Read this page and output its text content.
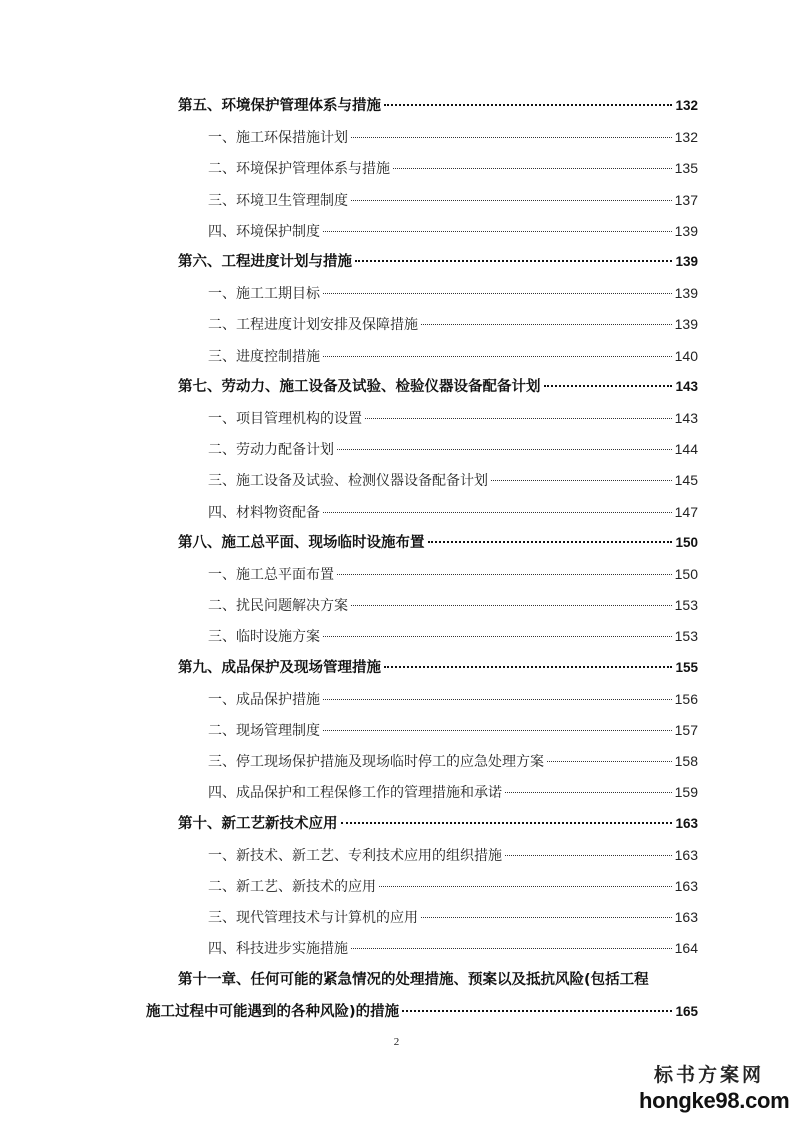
第五、环境保护管理体系与措施	132
一、施工环保措施计划	132
二、环境保护管理体系与措施	135
三、环境卫生管理制度	137
四、环境保护制度	139
第六、工程进度计划与措施	139
一、施工工期目标	139
二、工程进度计划安排及保障措施	139
三、进度控制措施	140
第七、劳动力、施工设备及试验、检验仪器设备配备计划	143
一、项目管理机构的设置	143
二、劳动力配备计划	144
三、施工设备及试验、检测仪器设备配备计划	145
四、材料物资配备	147
第八、施工总平面、现场临时设施布置	150
一、施工总平面布置	150
二、扰民问题解决方案	153
三、临时设施方案	153
第九、成品保护及现场管理措施	155
一、成品保护措施	156
二、现场管理制度	157
三、停工现场保护措施及现场临时停工的应急处理方案	158
四、成品保护和工程保修工作的管理措施和承诺	159
第十、新工艺新技术应用	163
一、新技术、新工艺、专利技术应用的组织措施	163
二、新工艺、新技术的应用	163
三、现代管理技术与计算机的应用	163
四、科技进步实施措施	164
第十一章、任何可能的紧急情况的处理措施、预案以及抵抗风险(包括工程
施工过程中可能遇到的各种风险)的措施	165
2
标书方案网
hongke98.com
